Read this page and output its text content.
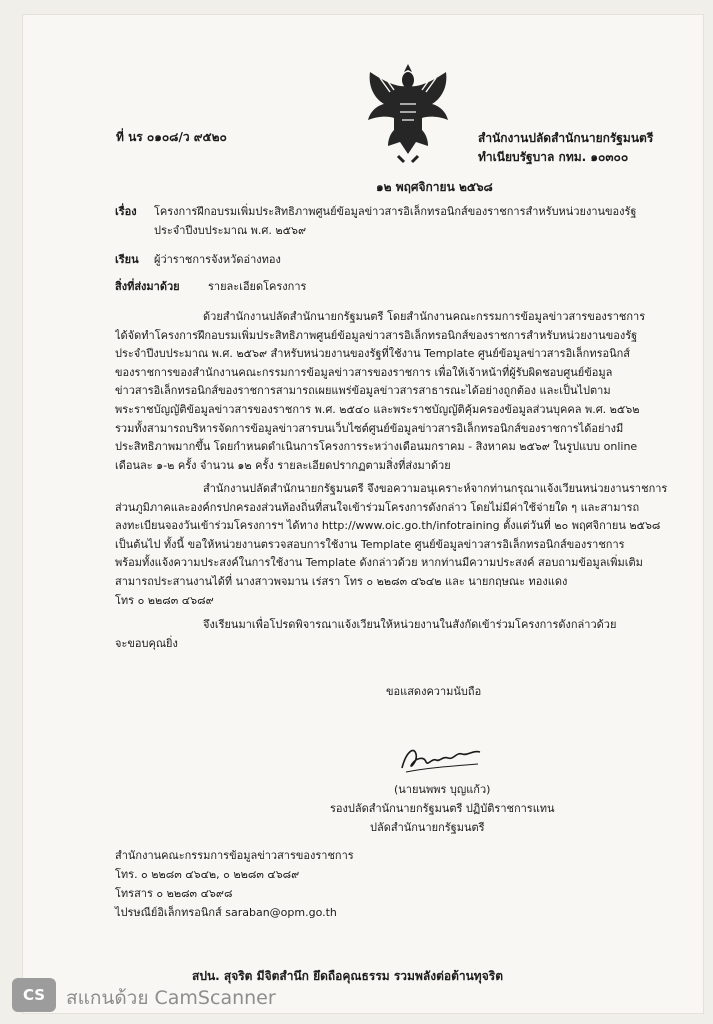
ที่ นร ๐๑๐๘/ว ๙๕๒๐	สำนักงานปลัดสำนักนายกรัฐมนตรี
ทำเนียบรัฐบาล กทม. ๑๐๓๐๐
๑๒ พฤศจิกายน ๒๕๖๘
เรื่อง โครงการฝึกอบรมเพิ่มประสิทธิภาพศูนย์ข้อมูลข่าวสารอิเล็กทรอนิกส์ของราชการสำหรับหน่วยงานของรัฐ
ประจำปีงบประมาณ พ.ศ. ๒๕๖๙
เรียน ผู้ว่าราชการจังหวัดอ่างทอง
สิ่งที่ส่งมาด้วย	รายละเอียดโครงการ
ด้วยสำนักงานปลัดสำนักนายกรัฐมนตรี โดยสำนักงานคณะกรรมการข้อมูลข่าวสารของราชการ
ได้จัดทำโครงการฝึกอบรมเพิ่มประสิทธิภาพศูนย์ข้อมูลข่าวสารอิเล็กทรอนิกส์ของราชการสำหรับหน่วยงานของรัฐ
ประจำปีงบประมาณ พ.ศ. ๒๕๖๙ สำหรับหน่วยงานของรัฐที่ใช้งาน Template ศูนย์ข้อมูลข่าวสารอิเล็กทรอนิกส์
ของราชการของสำนักงานคณะกรรมการข้อมูลข่าวสารของราชการ เพื่อให้เจ้าหน้าที่ผู้รับผิดชอบศูนย์ข้อมูล
ข่าวสารอิเล็กทรอนิกส์ของราชการสามารถเผยแพร่ข้อมูลข่าวสารสาธารณะได้อย่างถูกต้อง และเป็นไปตาม
พระราชบัญญัติข้อมูลข่าวสารของราชการ พ.ศ. ๒๕๔๐ และพระราชบัญญัติคุ้มครองข้อมูลส่วนบุคคล พ.ศ. ๒๕๖๒
รวมทั้งสามารถบริหารจัดการข้อมูลข่าวสารบนเว็บไซต์ศูนย์ข้อมูลข่าวสารอิเล็กทรอนิกส์ของราชการได้อย่างมี
ประสิทธิภาพมากขึ้น โดยกำหนดดำเนินการโครงการระหว่างเดือนมกราคม - สิงหาคม ๒๕๖๙ ในรูปแบบ online
เดือนละ ๑-๒ ครั้ง จำนวน ๑๒ ครั้ง รายละเอียดปรากฏตามสิ่งที่ส่งมาด้วย
สำนักงานปลัดสำนักนายกรัฐมนตรี จึงขอความอนุเคราะห์จากท่านกรุณาแจ้งเวียนหน่วยงานราชการ
ส่วนภูมิภาคและองค์กรปกครองส่วนท้องถิ่นที่สนใจเข้าร่วมโครงการดังกล่าว โดยไม่มีค่าใช้จ่ายใด ๆ และสามารถ
ลงทะเบียนจองวันเข้าร่วมโครงการฯ ได้ทาง http://www.oic.go.th/infotraining ตั้งแต่วันที่ ๒๐ พฤศจิกายน ๒๕๖๘
เป็นต้นไป ทั้งนี้ ขอให้หน่วยงานตรวจสอบการใช้งาน Template ศูนย์ข้อมูลข่าวสารอิเล็กทรอนิกส์ของราชการ
พร้อมทั้งแจ้งความประสงค์ในการใช้งาน Template ดังกล่าวด้วย หากท่านมีความประสงค์ สอบถามข้อมูลเพิ่มเติม
สามารถประสานงานได้ที่ นางสาวพจมาน เร่สรา โทร ๐ ๒๒๘๓ ๔๖๔๒ และ นายกฤษณะ ทองแดง
โทร ๐ ๒๒๘๓ ๔๖๘๙
จึงเรียนมาเพื่อโปรดพิจารณาแจ้งเวียนให้หน่วยงานในสังกัดเข้าร่วมโครงการดังกล่าวด้วย
จะขอบคุณยิ่ง
ขอแสดงความนับถือ
(นายนพพร บุญแก้ว)
รองปลัดสำนักนายกรัฐมนตรี ปฏิบัติราชการแทน
ปลัดสำนักนายกรัฐมนตรี
สำนักงานคณะกรรมการข้อมูลข่าวสารของราชการ
โทร. ๐ ๒๒๘๓ ๔๖๔๒, ๐ ๒๒๘๓ ๔๖๘๙
โทรสาร ๐ ๒๒๘๓ ๔๖๙๘
ไปรษณีย์อิเล็กทรอนิกส์ saraban@opm.go.th
สปน. สุจริต มีจิตสำนึก ยึดถือคุณธรรม รวมพลังต่อต้านทุจริต
CS	สแกนด้วย CamScanner
